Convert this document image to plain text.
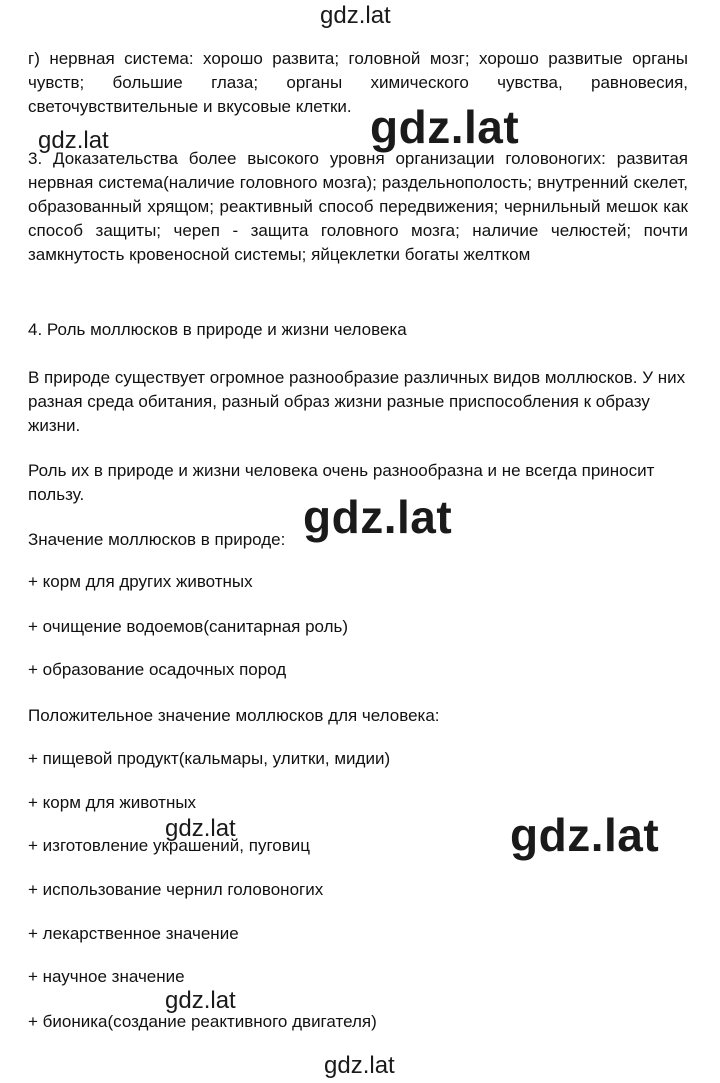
г) нервная система: хорошо развита; головной мозг; хорошо развитые органы чувств; большие глаза; органы химического чувства, равновесия, светочувствительные и вкусовые клетки.
3. Доказательства более высокого уровня организации головоногих: развитая нервная система(наличие головного мозга); раздельнополость; внутренний скелет, образованный хрящом; реактивный способ передвижения; чернильный мешок как способ защиты; череп - защита головного мозга; наличие челюстей; почти замкнутость кровеносной системы; яйцеклетки богаты желтком
4. Роль моллюсков в природе и жизни человека
В природе существует огромное разнообразие различных видов моллюсков. У них разная среда обитания, разный образ жизни разные приспособления к образу жизни.
Роль их в природе и жизни человека очень разнообразна и не всегда приносит пользу.
Значение моллюсков в природе:
+ корм для других животных
+ очищение водоемов(санитарная роль)
+ образование осадочных пород
Положительное значение моллюсков для человека:
+ пищевой продукт(кальмары, улитки, мидии)
+ корм для животных
+ изготовление украшений, пуговиц
+ использование чернил головоногих
+ лекарственное значение
+ научное значение
+ бионика(создание реактивного двигателя)
gdz.lat
gdz.lat	gdz.lat
gdz.lat
gdz.lat
gdz.lat
gdz.lat
gdz.lat
